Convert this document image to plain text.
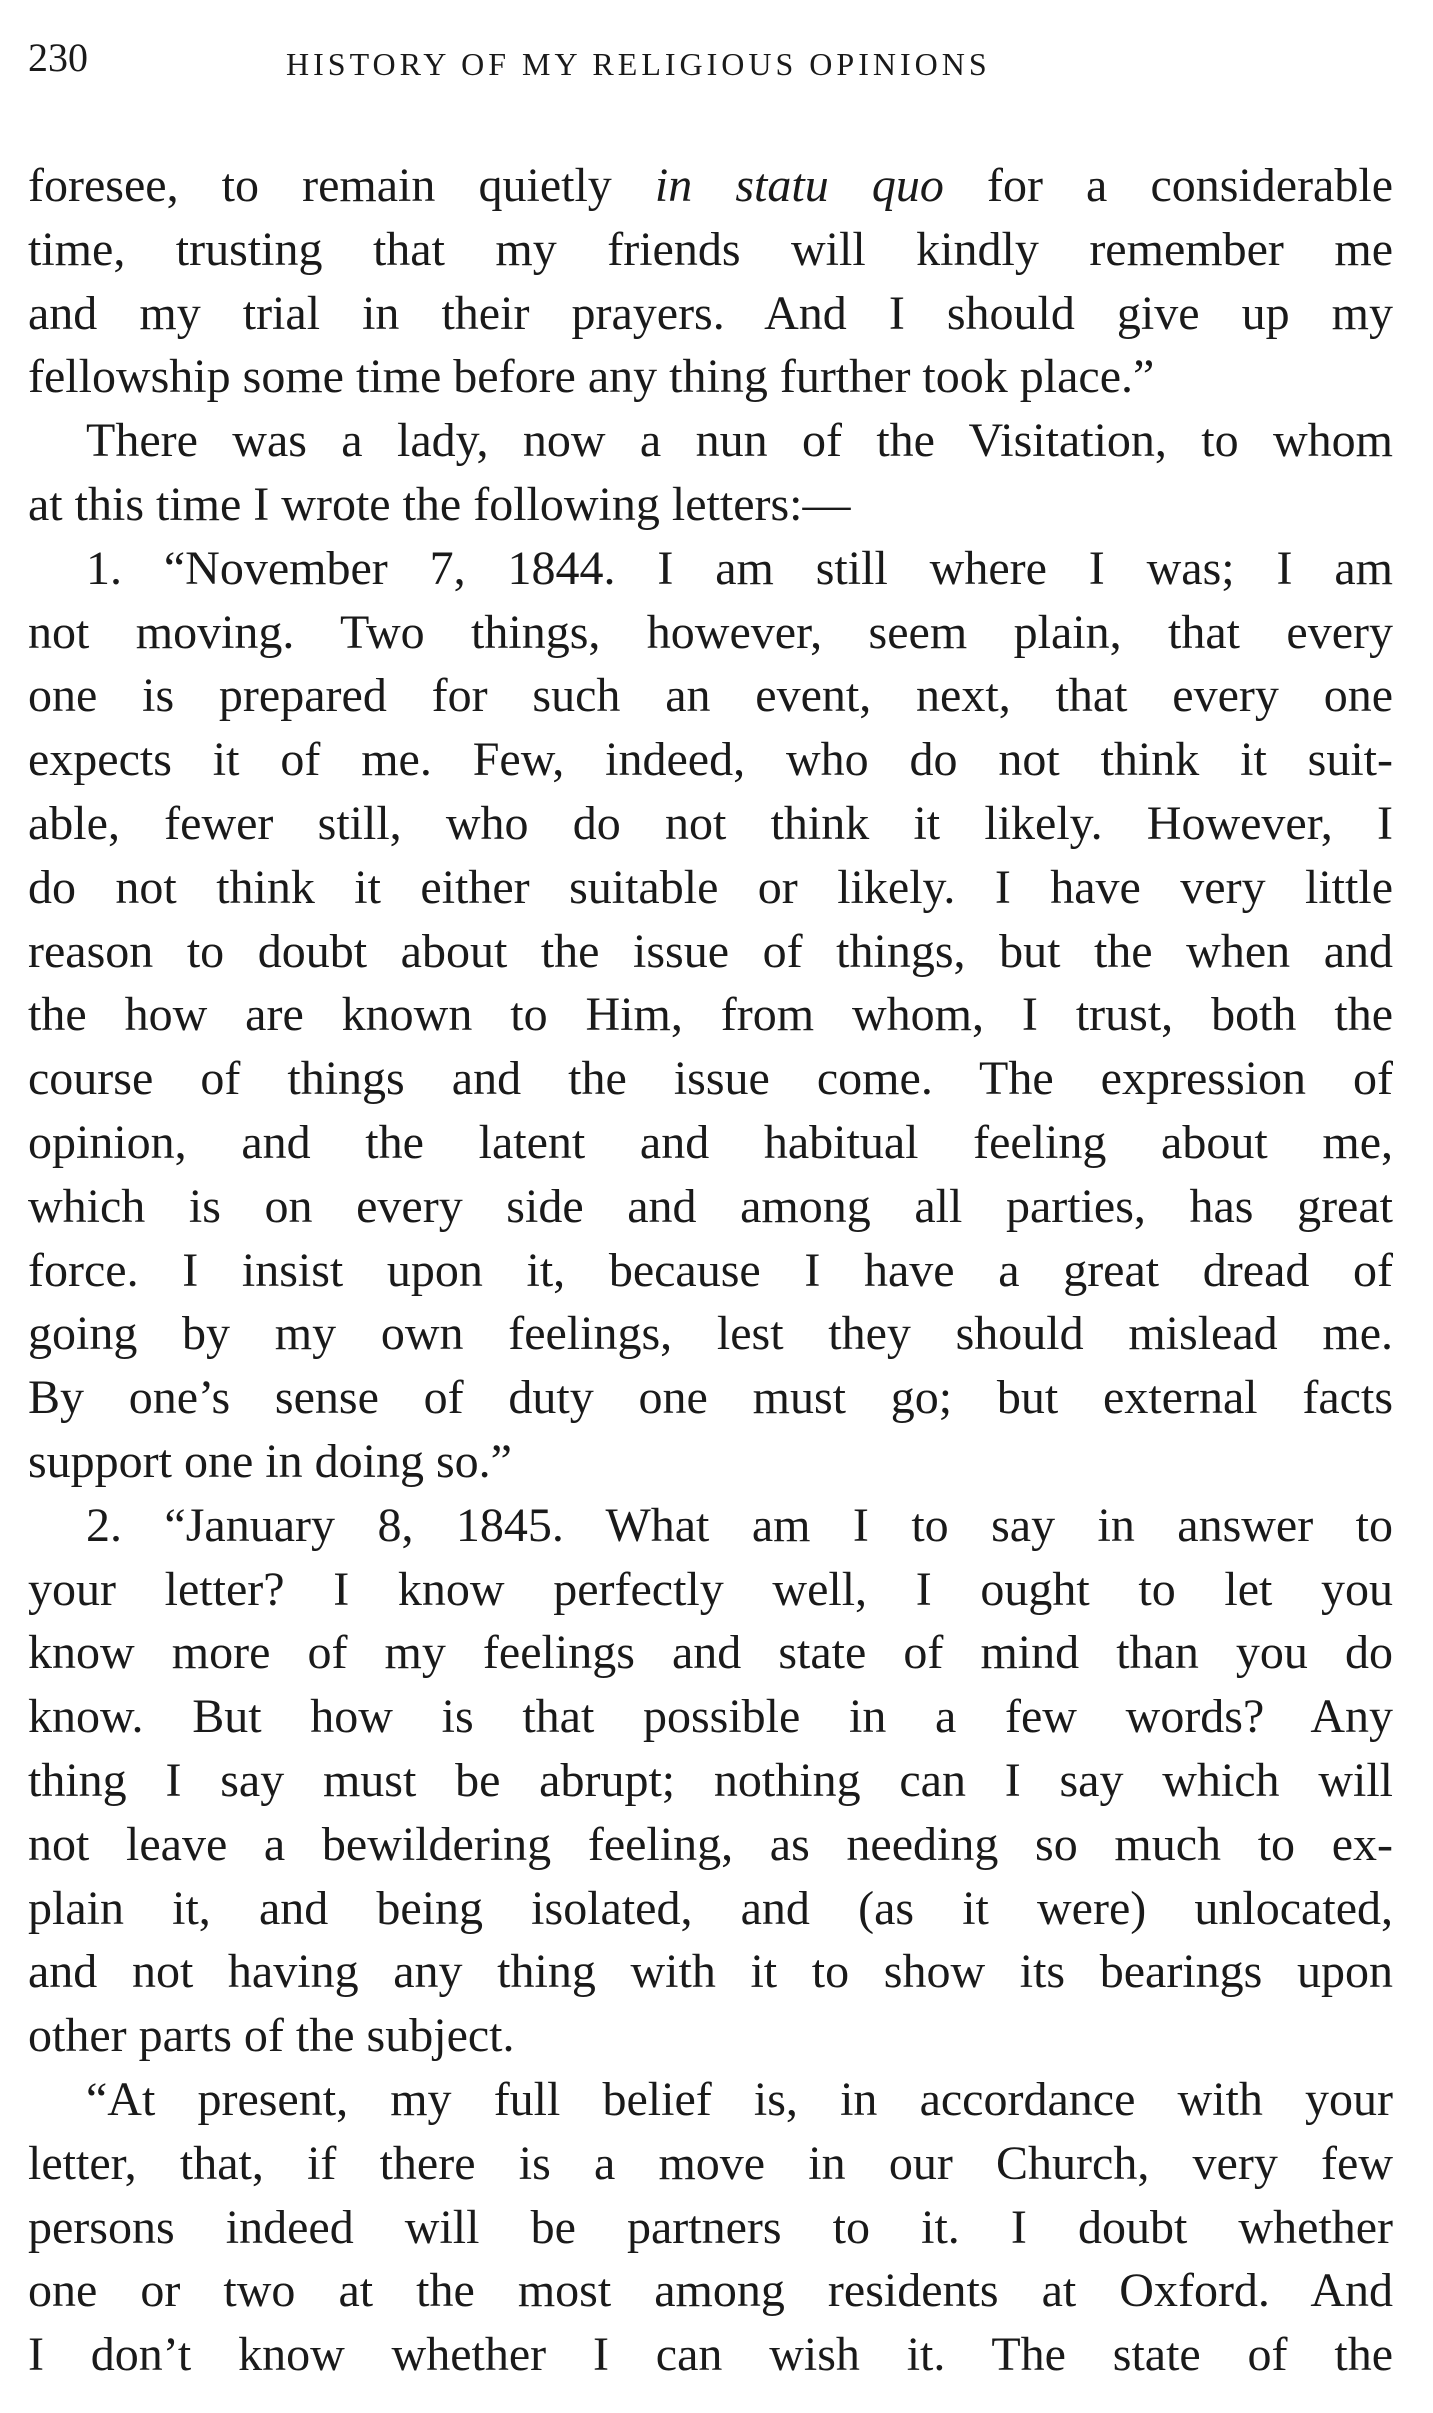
230	HISTORY OF MY RELIGIOUS OPINIONS
foresee, to remain quietly in statu quo for a considerable
time, trusting that my friends will kindly remember me
and my trial in their prayers. And I should give up my
fellowship some time before any thing further took place.”
There was a lady, now a nun of the Visitation, to whom
at this time I wrote the following letters:—
1. “November 7, 1844. I am still where I was; I am
not moving. Two things, however, seem plain, that every
one is prepared for such an event, next, that every one
expects it of me. Few, indeed, who do not think it suit-
able, fewer still, who do not think it likely. However, I
do not think it either suitable or likely. I have very little
reason to doubt about the issue of things, but the when and
the how are known to Him, from whom, I trust, both the
course of things and the issue come. The expression of
opinion, and the latent and habitual feeling about me,
which is on every side and among all parties, has great
force. I insist upon it, because I have a great dread of
going by my own feelings, lest they should mislead me.
By one’s sense of duty one must go; but external facts
support one in doing so.”
2. “January 8, 1845. What am I to say in answer to
your letter? I know perfectly well, I ought to let you
know more of my feelings and state of mind than you do
know. But how is that possible in a few words? Any
thing I say must be abrupt; nothing can I say which will
not leave a bewildering feeling, as needing so much to ex-
plain it, and being isolated, and (as it were) unlocated,
and not having any thing with it to show its bearings upon
other parts of the subject.
“At present, my full belief is, in accordance with your
letter, that, if there is a move in our Church, very few
persons indeed will be partners to it. I doubt whether
one or two at the most among residents at Oxford. And
I don’t know whether I can wish it. The state of the
